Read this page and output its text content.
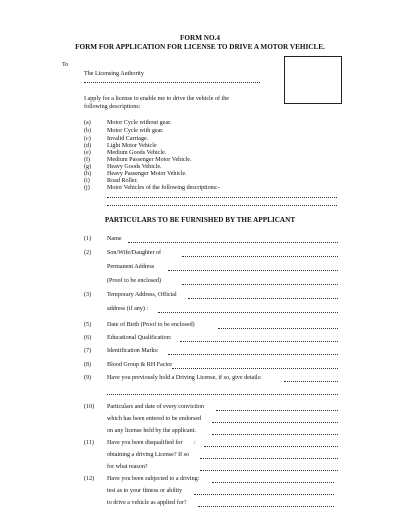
FORM NO.4
FORM FOR APPLICATION FOR LICENSE TO DRIVE A MOTOR VEHICLE.
To
The Licensing Authority
I apply for a license to enable me to drive the vehicle of the
following descriptions:
(a)	Motor Cycle without gear.
(b)	Motor Cycle with gear.
(c)	Invalid Carriage.
(d)	Light Motor Vehicle
(e)	Medium Goods Vehicle.
(f)	Medium Passenger Motor Vehicle.
(g)	Heavy Goods Vehicle.
(h)	Heavy Passenger Motor Vehicle.
(i)	Road Roller.
(j)	Motor Vehicles of the following descriptions:-
PARTICULARS TO BE FURNISHED BY THE APPLICANT
(1)	Name
(2)	Son/Wife/Daughter of
Permanent Address
(Proof to be enclosed)
(3)	Temporary Address, Official
address (if any) :
(5)	Date of Birth (Proof to be enclosed)
(6)	Educational Qualification:
(7)	Identification Marks:
(8)	Blood Group & RH Factor
(9)	Have you previously hold a Driving License, if so, give details:
(10) Particulars and date of every conviction
which has been entered to be endorsed
on any license held by the applicant.
(11) Have you been disqualified for :
obtaining a driving License? If so
for what reason?
(12) Have you been subjected to a driving:
test as to your fitness or ability
to drive a vehicle as applied for?
